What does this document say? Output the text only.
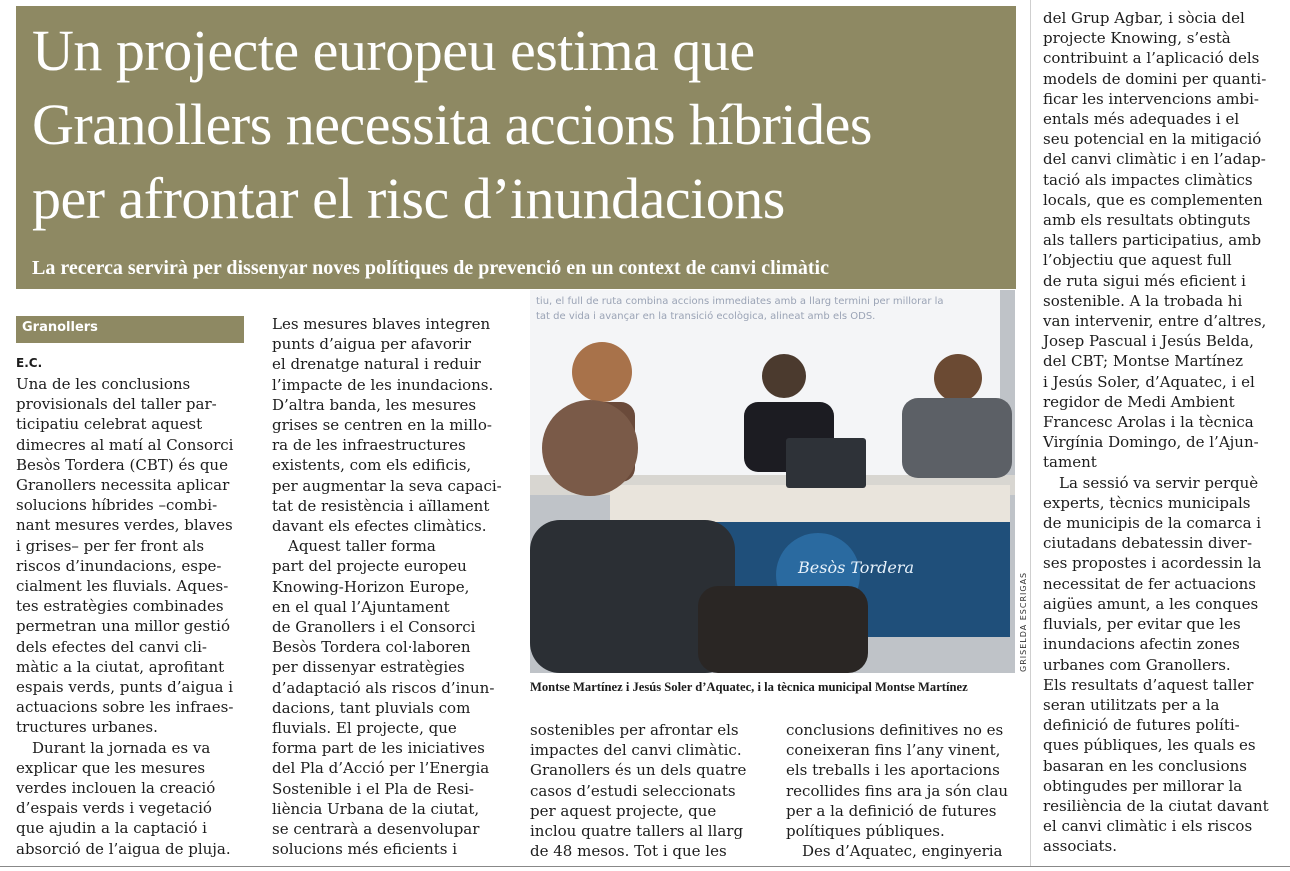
Un projecte europeu estima que
Granollers necessita accions híbrides
per afrontar el risc d’inundacions

La recerca servirà per dissenyar noves polítiques de prevenció en un context de canvi climàtic

Granollers
E.C.

Una de les conclusions
provisionals del taller par-
ticipatiu celebrat aquest
dimecres al matí al Consorci
Besòs Tordera (CBT) és que
Granollers necessita aplicar
solucions híbrides –combi-
nant mesures verdes, blaves
i grises– per fer front als
riscos d’inundacions, espe-
cialment les fluvials. Aques-
tes estratègies combinades
permetran una millor gestió
dels efectes del canvi cli-
màtic a la ciutat, aprofitant
espais verds, punts d’aigua i
actuacions sobre les infraes-
tructures urbanes.

Durant la jornada es va
explicar que les mesures
verdes inclouen la creació
d’espais verds i vegetació
que ajudin a la captació i
absorció de l’aigua de pluja.

Les mesures blaves integren
punts d’aigua per afavorir
el drenatge natural i reduir
l’impacte de les inundacions.
D’altra banda, les mesures
grises se centren en la millo-
ra de les infraestructures
existents, com els edificis,
per augmentar la seva capaci-
tat de resistència i aïllament
davant els efectes climàtics.

Aquest taller forma
part del projecte europeu
Knowing-Horizon Europe,
en el qual l’Ajuntament
de Granollers i el Consorci
Besòs Tordera col·laboren
per dissenyar estratègies
d’adaptació als riscos d’inun-
dacions, tant pluvials com
fluvials. El projecte, que
forma part de les iniciatives
del Pla d’Acció per l’Energia
Sostenible i el Pla de Resi-
liència Urbana de la ciutat,
se centrarà a desenvolupar
solucions més eficients i

tiu, el full de ruta combina accions immediates amb a llarg termini per millorar la
tat de vida i avançar en la transició ecològica, alineat amb els ODS.
Besòs Tordera
GRISELDA ESCRIGAS
Montse Martínez i Jesús Soler d’Aquatec, i la tècnica municipal Montse Martínez

sostenibles per afrontar els
impactes del canvi climàtic.
Granollers és un dels quatre
casos d’estudi seleccionats
per aquest projecte, que
inclou quatre tallers al llarg
de 48 mesos. Tot i que les

conclusions definitives no es
coneixeran fins l’any vinent,
els treballs i les aportacions
recollides fins ara ja són clau
per a la definició de futures
polítiques públiques.

Des d’Aquatec, enginyeria

del Grup Agbar, i sòcia del
projecte Knowing, s’està
contribuint a l’aplicació dels
models de domini per quanti-
ficar les intervencions ambi-
entals més adequades i el
seu potencial en la mitigació
del canvi climàtic i en l’adap-
tació als impactes climàtics
locals, que es complementen
amb els resultats obtinguts
als tallers participatius, amb
l’objectiu que aquest full
de ruta sigui més eficient i
sostenible. A la trobada hi
van intervenir, entre d’altres,
Josep Pascual i Jesús Belda,
del CBT; Montse Martínez
i Jesús Soler, d’Aquatec, i el
regidor de Medi Ambient
Francesc Arolas i la tècnica
Virgínia Domingo, de l’Ajun-
tament

La sessió va servir perquè
experts, tècnics municipals
de municipis de la comarca i
ciutadans debatessin diver-
ses propostes i acordessin la
necessitat de fer actuacions
aigües amunt, a les conques
fluvials, per evitar que les
inundacions afectin zones
urbanes com Granollers.
Els resultats d’aquest taller
seran utilitzats per a la
definició de futures políti-
ques públiques, les quals es
basaran en les conclusions
obtingudes per millorar la
resiliència de la ciutat davant
el canvi climàtic i els riscos
associats.
